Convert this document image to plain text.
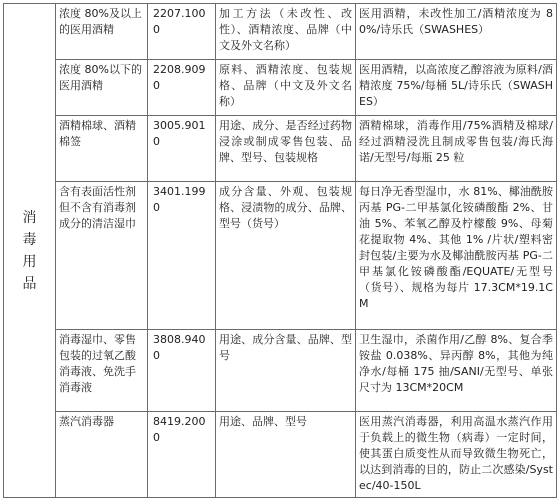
消毒用品	浓度 80%及以上的医用酒精	2207.1000	加工方法（未改性、改性）、酒精浓度、品牌（中文及外文名称）	医用酒精，未改性加工/酒精浓度为 80%/诗乐氏（SWASHES）
	浓度 80%以下的医用酒精	2208.9090	原料、酒精浓度、包装规格、品牌（中文及外文名称）	医用酒精，以高浓度乙醇溶液为原料/酒精浓度 75%/每桶 5L/诗乐氏（SWASHES）
	酒精棉球、酒精棉签	3005.9010	用途、成分、是否经过药物浸涂或制成零售包装、品牌、型号、包装规格	酒精棉球，消毒作用/75%酒精及棉球/经过酒精浸洗且制成零售包装/海氏海诺/无型号/每瓶 25 粒
	含有表面活性剂但不含有消毒剂成分的清洁湿巾	3401.1990	成分含量、外观、包装规格、浸渍物的成分、品牌、型号（货号）	每日净无香型湿巾，水 81%、椰油酰胺丙基 PG-二甲基氯化铵磷酸酯 2%、甘油 5%、苯氧乙醇及柠檬酸 9%、母菊花提取物 4%、其他 1% /片状/塑料密封包装/主要为水及椰油酰胺丙基 PG-二甲基氯化铵磷酸酯/EQUATE/无型号（货号）、规格为每片 17.3CM*19.1CM
	消毒湿巾、零售包装的过氧乙酸消毒液、免洗手消毒液	3808.9400	用途、成分含量、品牌、型号	卫生湿巾，杀菌作用/乙醇 8%、复合季铵盐 0.038%、异丙醇 8%，其他为纯净水/每桶 175 抽/SANI/无型号、单张尺寸为 13CM*20CM
	蒸汽消毒器	8419.2000	用途、品牌、型号	医用蒸汽消毒器，利用高温水蒸汽作用于负载上的微生物（病毒）一定时间，使其蛋白质变性从而导致微生物死亡，以达到消毒的目的，防止二次感染/Systec/40-150L
